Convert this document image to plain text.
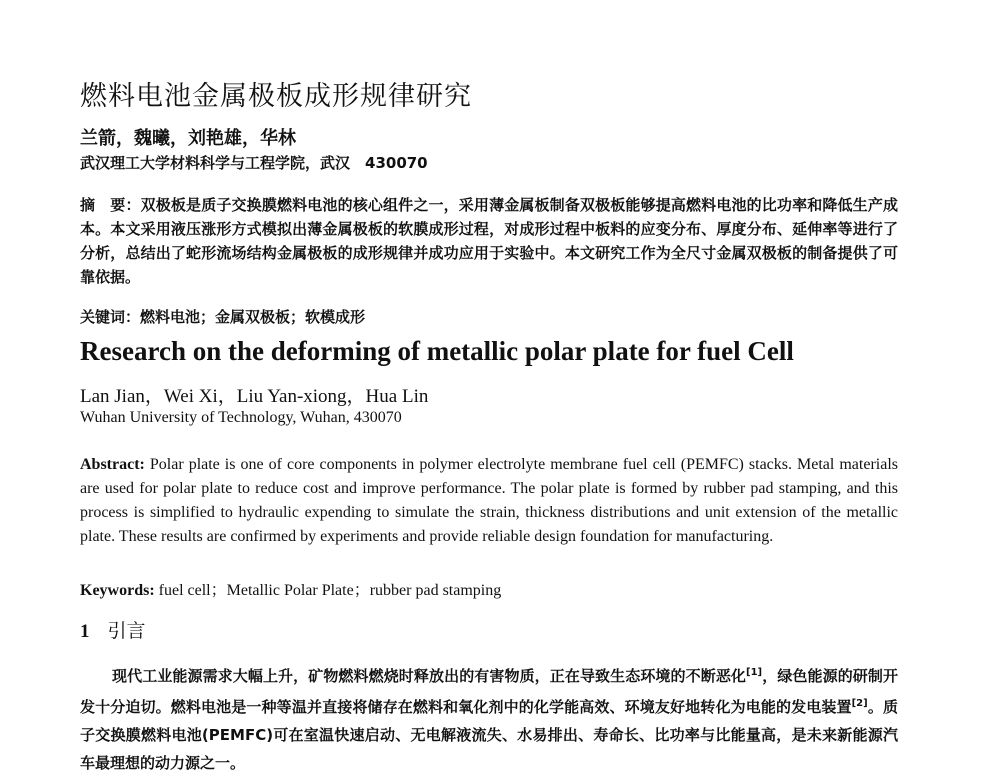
燃料电池金属极板成形规律研究
兰箭，魏曦，刘艳雄，华林
武汉理工大学材料科学与工程学院，武汉　430070
摘　要：双极板是质子交换膜燃料电池的核心组件之一，采用薄金属板制备双极板能够提高燃料电池的比功率和降低生产成本。本文采用液压涨形方式模拟出薄金属极板的软膜成形过程，对成形过程中板料的应变分布、厚度分布、延伸率等进行了分析，总结出了蛇形流场结构金属极板的成形规律并成功应用于实验中。本文研究工作为全尺寸金属双极板的制备提供了可靠依据。
关键词：燃料电池；金属双极板；软模成形
Research on the deforming of metallic polar plate for fuel Cell
Lan Jian，Wei Xi，Liu Yan-xiong，Hua Lin
Wuhan University of Technology, Wuhan, 430070
Abstract: Polar plate is one of core components in polymer electrolyte membrane fuel cell (PEMFC) stacks. Metal materials are used for polar plate to reduce cost and improve performance. The polar plate is formed by rubber pad stamping, and this process is simplified to hydraulic expending to simulate the strain, thickness distributions and unit extension of the metallic plate. These results are confirmed by experiments and provide reliable design foundation for manufacturing.
Keywords: fuel cell；Metallic Polar Plate；rubber pad stamping
1 引言
现代工业能源需求大幅上升，矿物燃料燃烧时释放出的有害物质，正在导致生态环境的不断恶化[1]，绿色能源的研制开发十分迫切。燃料电池是一种等温并直接将储存在燃料和氧化剂中的化学能高效、环境友好地转化为电能的发电装置[2]。质子交换膜燃料电池(PEMFC)可在室温快速启动、无电解液流失、水易排出、寿命长、比功率与比能量高，是未来新能源汽车最理想的动力源之一。
